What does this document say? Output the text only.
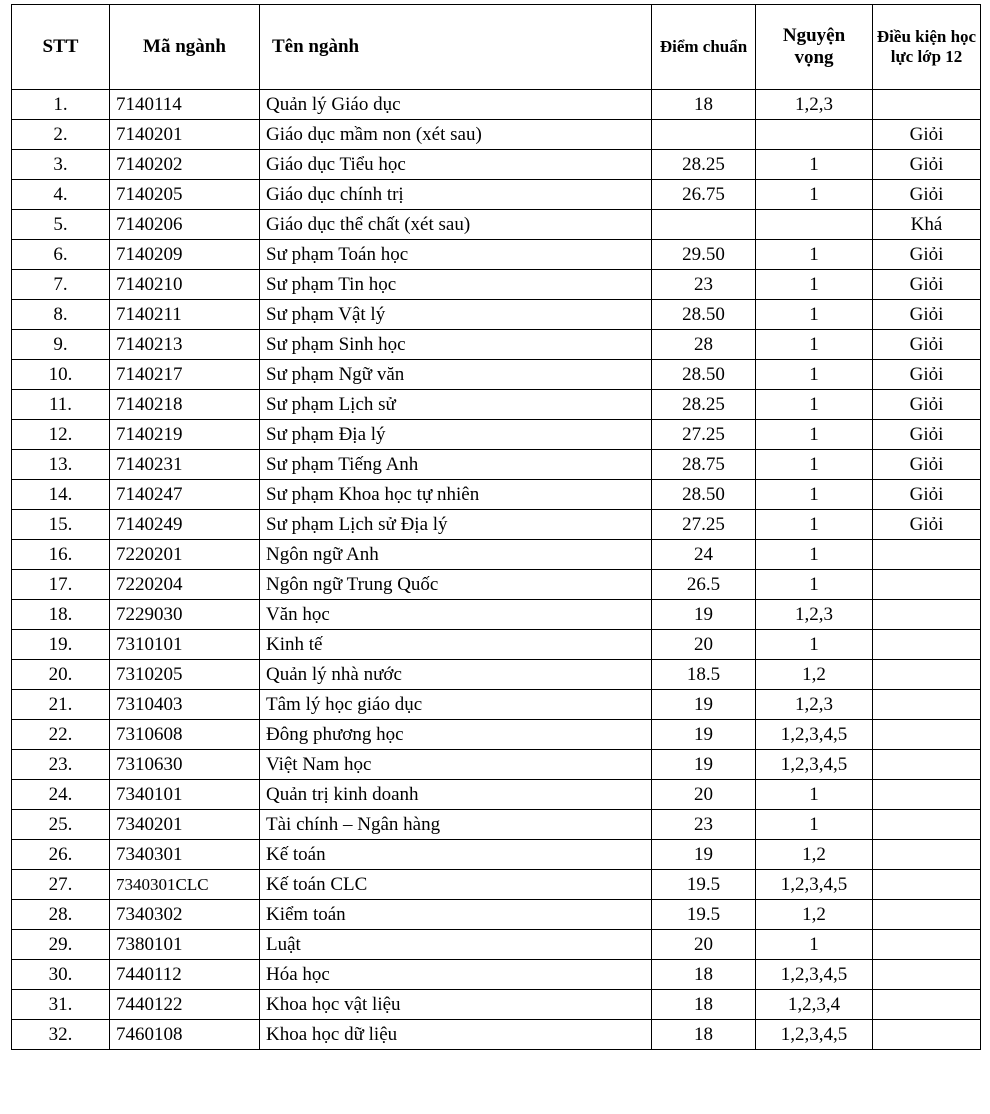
STT	Mã ngành	Tên ngành	Điểm chuẩn	Nguyện vọng	Điều kiện học lực lớp 12
1.	7140114	Quản lý Giáo dục	18	1,2,3	
2.	7140201	Giáo dục mầm non (xét sau)			Giỏi
3.	7140202	Giáo dục Tiểu học	28.25	1	Giỏi
4.	7140205	Giáo dục chính trị	26.75	1	Giỏi
5.	7140206	Giáo dục thể chất (xét sau)			Khá
6.	7140209	Sư phạm Toán học	29.50	1	Giỏi
7.	7140210	Sư phạm Tin học	23	1	Giỏi
8.	7140211	Sư phạm Vật lý	28.50	1	Giỏi
9.	7140213	Sư phạm Sinh học	28	1	Giỏi
10.	7140217	Sư phạm Ngữ văn	28.50	1	Giỏi
11.	7140218	Sư phạm Lịch sử	28.25	1	Giỏi
12.	7140219	Sư phạm Địa lý	27.25	1	Giỏi
13.	7140231	Sư phạm Tiếng Anh	28.75	1	Giỏi
14.	7140247	Sư phạm Khoa học tự nhiên	28.50	1	Giỏi
15.	7140249	Sư phạm Lịch sử Địa lý	27.25	1	Giỏi
16.	7220201	Ngôn ngữ Anh	24	1	
17.	7220204	Ngôn ngữ Trung Quốc	26.5	1	
18.	7229030	Văn học	19	1,2,3	
19.	7310101	Kinh tế	20	1	
20.	7310205	Quản lý nhà nước	18.5	1,2	
21.	7310403	Tâm lý học giáo dục	19	1,2,3	
22.	7310608	Đông phương học	19	1,2,3,4,5	
23.	7310630	Việt Nam học	19	1,2,3,4,5	
24.	7340101	Quản trị kinh doanh	20	1	
25.	7340201	Tài chính – Ngân hàng	23	1	
26.	7340301	Kế toán	19	1,2	
27.	7340301CLC	Kế toán CLC	19.5	1,2,3,4,5	
28.	7340302	Kiểm toán	19.5	1,2	
29.	7380101	Luật	20	1	
30.	7440112	Hóa học	18	1,2,3,4,5	
31.	7440122	Khoa học vật liệu	18	1,2,3,4	
32.	7460108	Khoa học dữ liệu	18	1,2,3,4,5	
